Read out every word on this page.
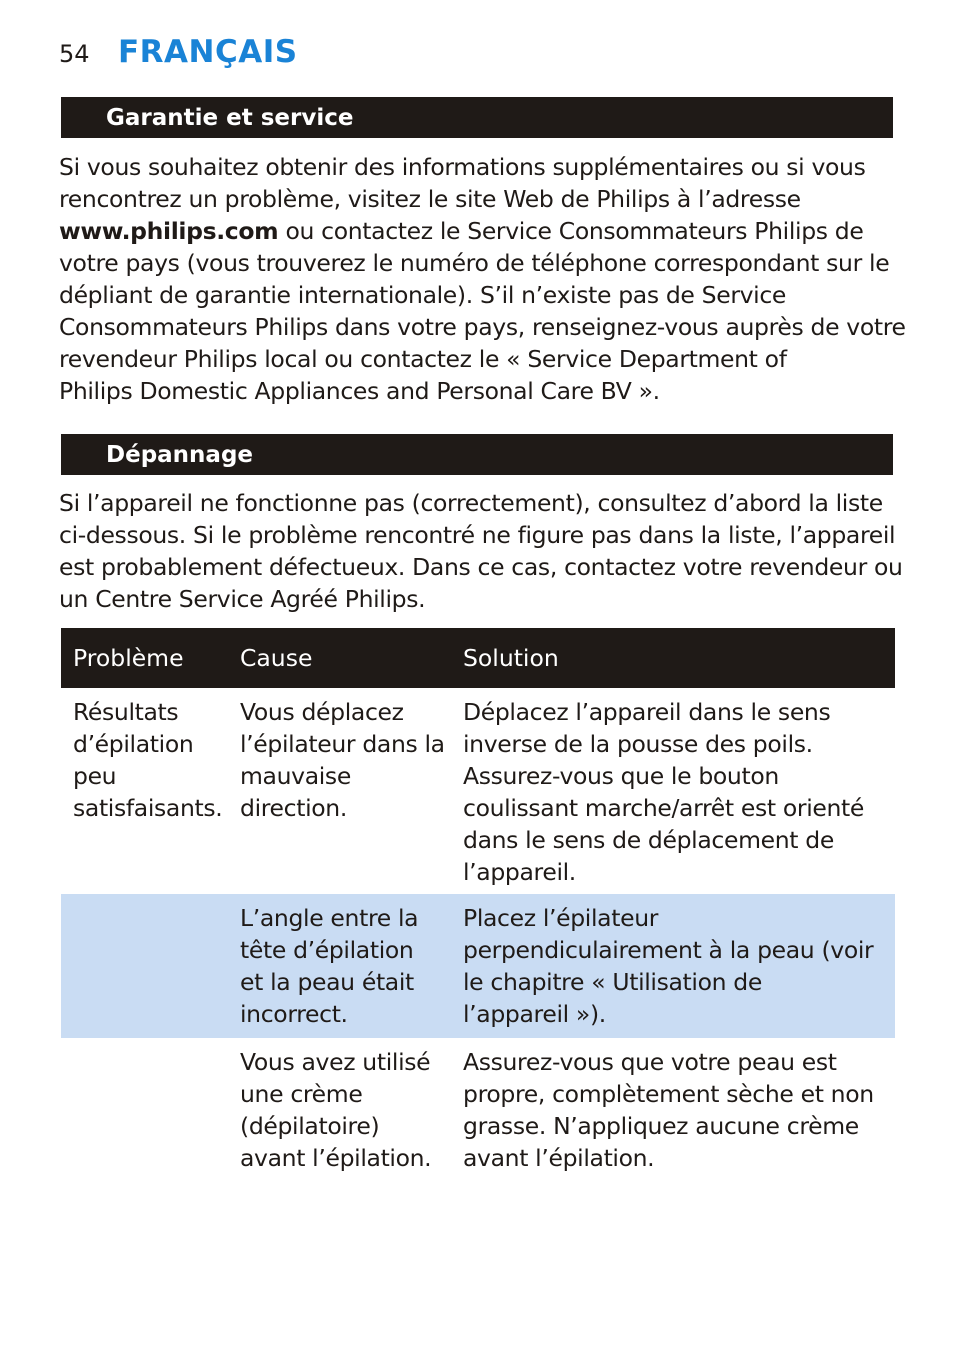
54 FRANÇAIS
Garantie et service
Si vous souhaitez obtenir des informations supplémentaires ou si vous
rencontrez un problème, visitez le site Web de Philips à l’adresse
www.philips.com ou contactez le Service Consommateurs Philips de
votre pays (vous trouverez le numéro de téléphone correspondant sur le
dépliant de garantie internationale). S’il n’existe pas de Service
Consommateurs Philips dans votre pays, renseignez-vous auprès de votre
revendeur Philips local ou contactez le « Service Department of
Philips Domestic Appliances and Personal Care BV ».
Dépannage
Si l’appareil ne fonctionne pas (correctement), consultez d’abord la liste
ci-dessous. Si le problème rencontré ne figure pas dans la liste, l’appareil
est probablement défectueux. Dans ce cas, contactez votre revendeur ou
un Centre Service Agréé Philips.
Problème	Cause	Solution
Résultats
d’épilation
peu
satisfaisants.
Vous déplacez
l’épilateur dans la
mauvaise
direction.
Déplacez l’appareil dans le sens
inverse de la pousse des poils.
Assurez-vous que le bouton
coulissant marche/arrêt est orienté
dans le sens de déplacement de
l’appareil.
L’angle entre la
tête d’épilation
et la peau était
incorrect.
Placez l’épilateur
perpendiculairement à la peau (voir
le chapitre « Utilisation de
l’appareil »).
Vous avez utilisé
une crème
(dépilatoire)
avant l’épilation.
Assurez-vous que votre peau est
propre, complètement sèche et non
grasse. N’appliquez aucune crème
avant l’épilation.
